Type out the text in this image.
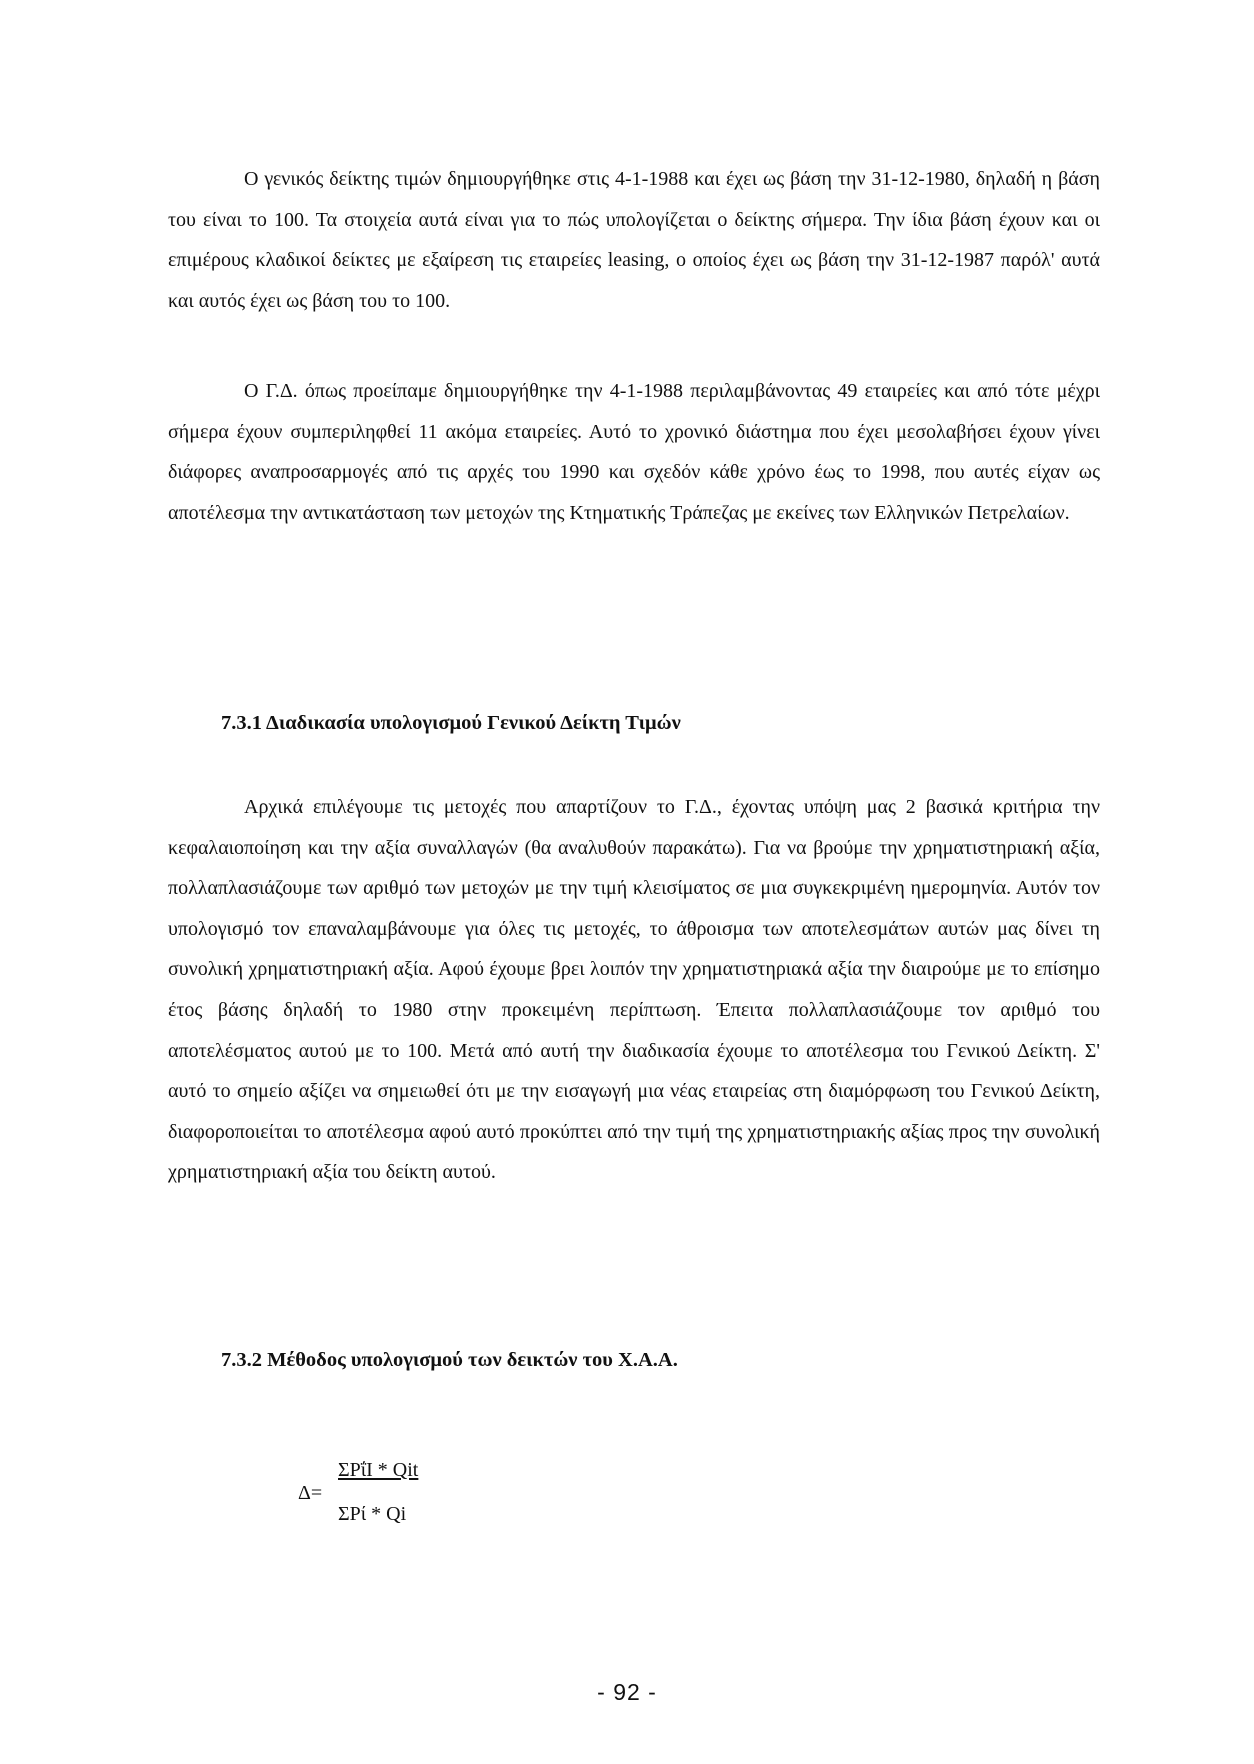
Ο γενικός δείκτης τιμών δημιουργήθηκε στις 4-1-1988 και έχει ως βάση την 31-12-1980, δηλαδή η βάση του είναι το 100. Τα στοιχεία αυτά είναι για το πώς υπολογίζεται ο δείκτης σήμερα. Την ίδια βάση έχουν και οι επιμέρους κλαδικοί δείκτες με εξαίρεση τις εταιρείες leasing, ο οποίος έχει ως βάση την 31-12-1987 παρόλ' αυτά και αυτός έχει ως βάση του το 100.

Ο Γ.Δ. όπως προείπαμε δημιουργήθηκε την 4-1-1988 περιλαμβάνοντας 49 εταιρείες και από τότε μέχρι σήμερα έχουν συμπεριληφθεί 11 ακόμα εταιρείες. Αυτό το χρονικό διάστημα που έχει μεσολαβήσει έχουν γίνει διάφορες αναπροσαρμογές από τις αρχές του 1990 και σχεδόν κάθε χρόνο έως το 1998, που αυτές είχαν ως αποτέλεσμα την αντικατάσταση των μετοχών της Κτηματικής Τράπεζας με εκείνες των Ελληνικών Πετρελαίων.

7.3.1 Διαδικασία υπολογισμού Γενικού Δείκτη Τιμών

Αρχικά επιλέγουμε τις μετοχές που απαρτίζουν το Γ.Δ., έχοντας υπόψη μας 2 βασικά κριτήρια την κεφαλαιοποίηση και την αξία συναλλαγών (θα αναλυθούν παρακάτω). Για να βρούμε την χρηματιστηριακή αξία, πολλαπλασιάζουμε των αριθμό των μετοχών με την τιμή κλεισίματος σε μια συγκεκριμένη ημερομηνία. Αυτόν τον υπολογισμό τον επαναλαμβάνουμε για όλες τις μετοχές, το άθροισμα των αποτελεσμάτων αυτών μας δίνει τη συνολική χρηματιστηριακή αξία. Αφού έχουμε βρει λοιπόν την χρηματιστηριακά αξία την διαιρούμε με το επίσημο έτος βάσης δηλαδή το 1980 στην προκειμένη περίπτωση. Έπειτα πολλαπλασιάζουμε τον αριθμό του αποτελέσματος αυτού με το 100. Μετά από αυτή την διαδικασία έχουμε το αποτέλεσμα του Γενικού Δείκτη. Σ' αυτό το σημείο αξίζει να σημειωθεί ότι με την εισαγωγή μια νέας εταιρείας στη διαμόρφωση του Γενικού Δείκτη, διαφοροποιείται το αποτέλεσμα αφού αυτό προκύπτει από την τιμή της χρηματιστηριακής αξίας προς την συνολική χρηματιστηριακή αξία του δείκτη αυτού.

7.3.2 Μέθοδος υπολογισμού των δεικτών του Χ.Α.Α.
Δ=
ΣΡΐΙ * Qit
ΣΡί * Qi
- 92 -
